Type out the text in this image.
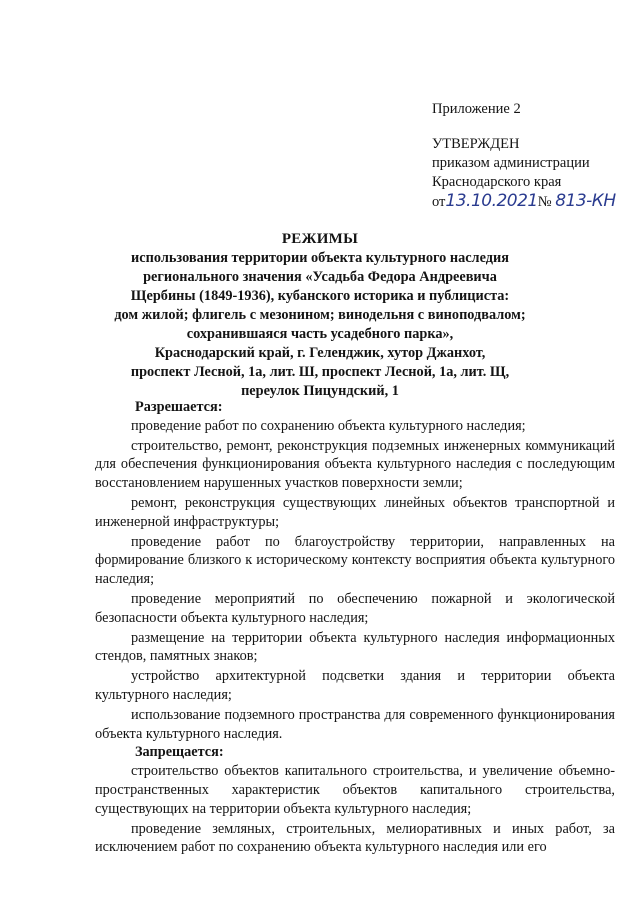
Приложение 2
УТВЕРЖДЕН
приказом администрации
Краснодарского края
от13.10.2021№ 813-КН
РЕЖИМЫ
использования территории объекта культурного наследия
регионального значения «Усадьба Федора Андреевича
Щербины (1849-1936), кубанского историка и публициста:
дом жилой; флигель с мезонином; винодельня с виноподвалом;
сохранившаяся часть усадебного парка»,
Краснодарский край, г. Геленджик, хутор Джанхот,
проспект Лесной, 1а, лит. Ш, проспект Лесной, 1а, лит. Щ,
переулок Пицундский, 1
Разрешается:

проведение работ по сохранению объекта культурного наследия;

строительство, ремонт, реконструкция подземных инженерных коммуникаций для обеспечения функционирования объекта культурного наследия с последующим восстановлением нарушенных участков поверхности земли;

ремонт, реконструкция существующих линейных объектов транспортной и инженерной инфраструктуры;

проведение работ по благоустройству территории, направленных на формирование близкого к историческому контексту восприятия объекта культурного наследия;

проведение мероприятий по обеспечению пожарной и экологической безопасности объекта культурного наследия;

размещение на территории объекта культурного наследия информационных стендов, памятных знаков;

устройство архитектурной подсветки здания и территории объекта культурного наследия;

использование подземного пространства для современного функционирования объекта культурного наследия.

Запрещается:

строительство объектов капитального строительства, и увеличение объемно-пространственных характеристик объектов капитального строительства, существующих на территории объекта культурного наследия;

проведение земляных, строительных, мелиоративных и иных работ, за исключением работ по сохранению объекта культурного наследия или его
